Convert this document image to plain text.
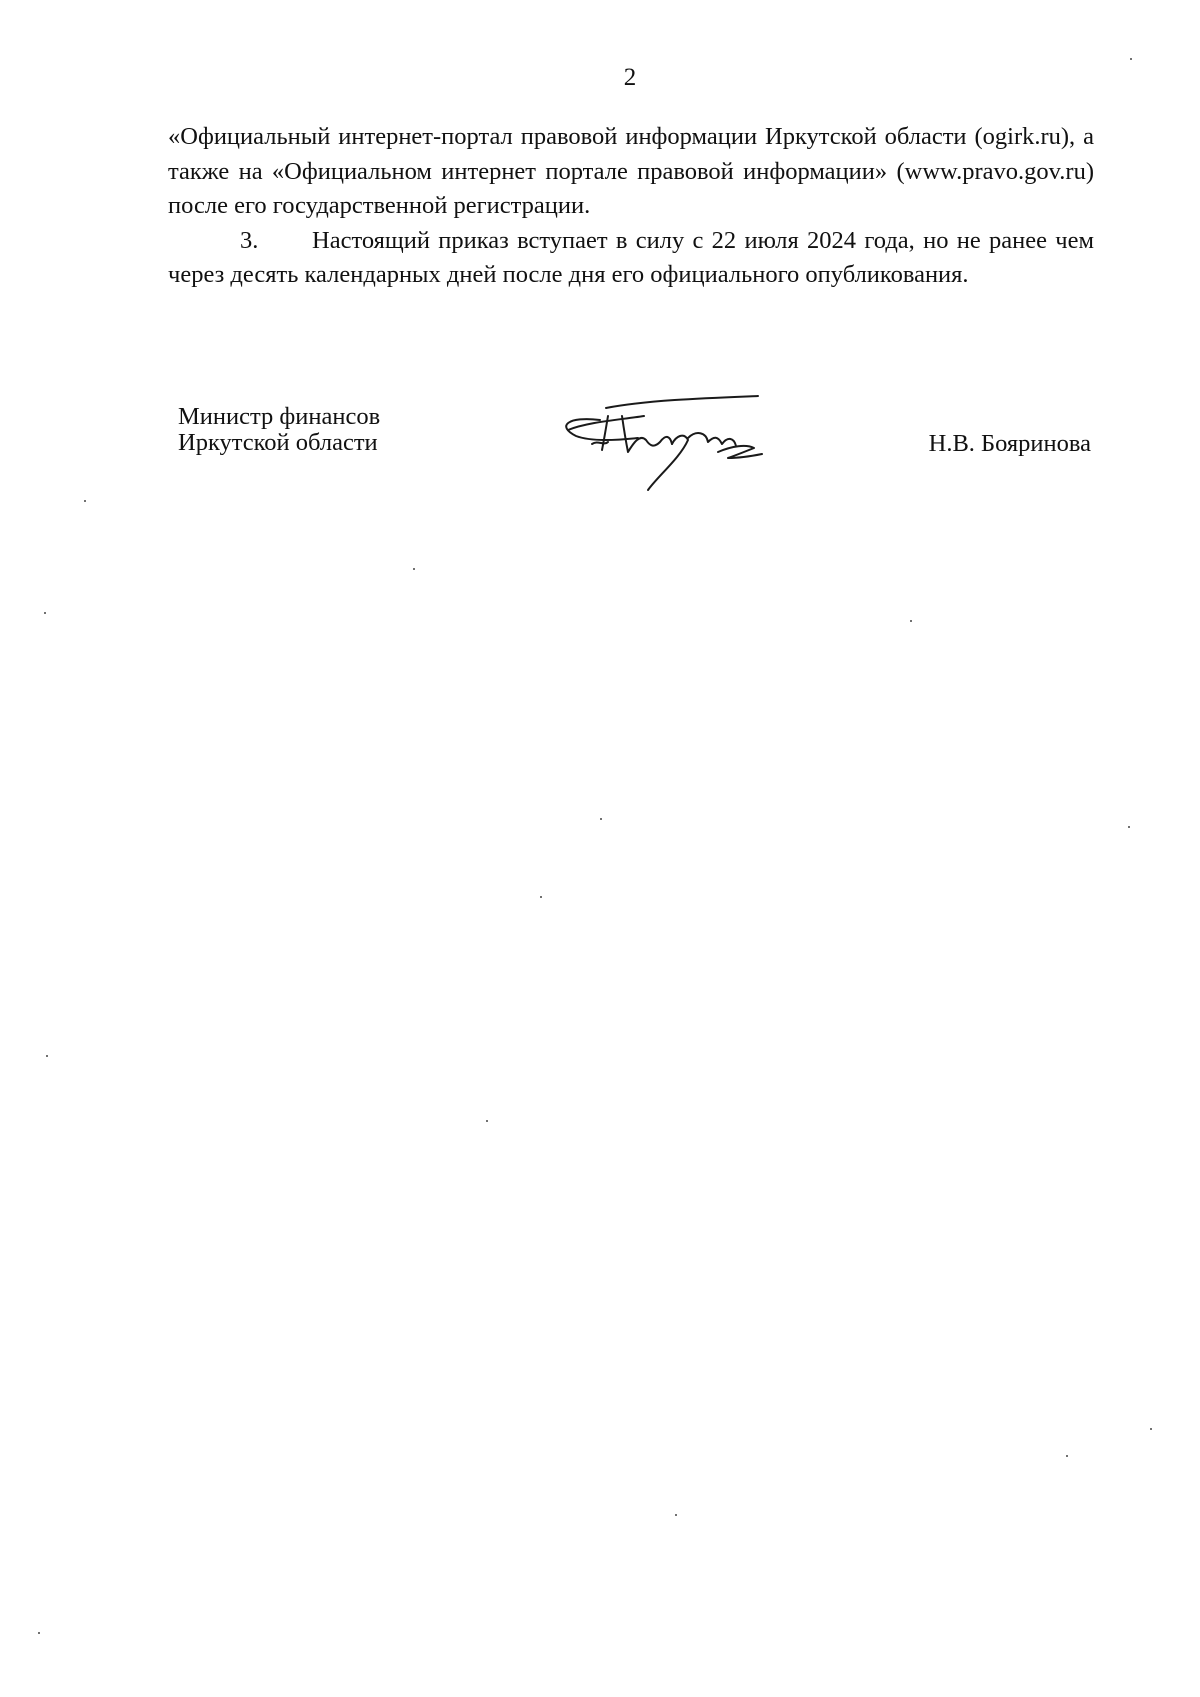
2

«Официальный интернет-портал правовой информации Иркутской области (ogirk.ru), а также на «Официальном интернет портале правовой информации» (www.pravo.gov.ru) после его государственной регистрации.

3. Настоящий приказ вступает в силу с 22 июля 2024 года, но не ранее чем через десять календарных дней после дня его официального опубликования.

Министр финансов
Иркутской области	Н.В. Бояринова
